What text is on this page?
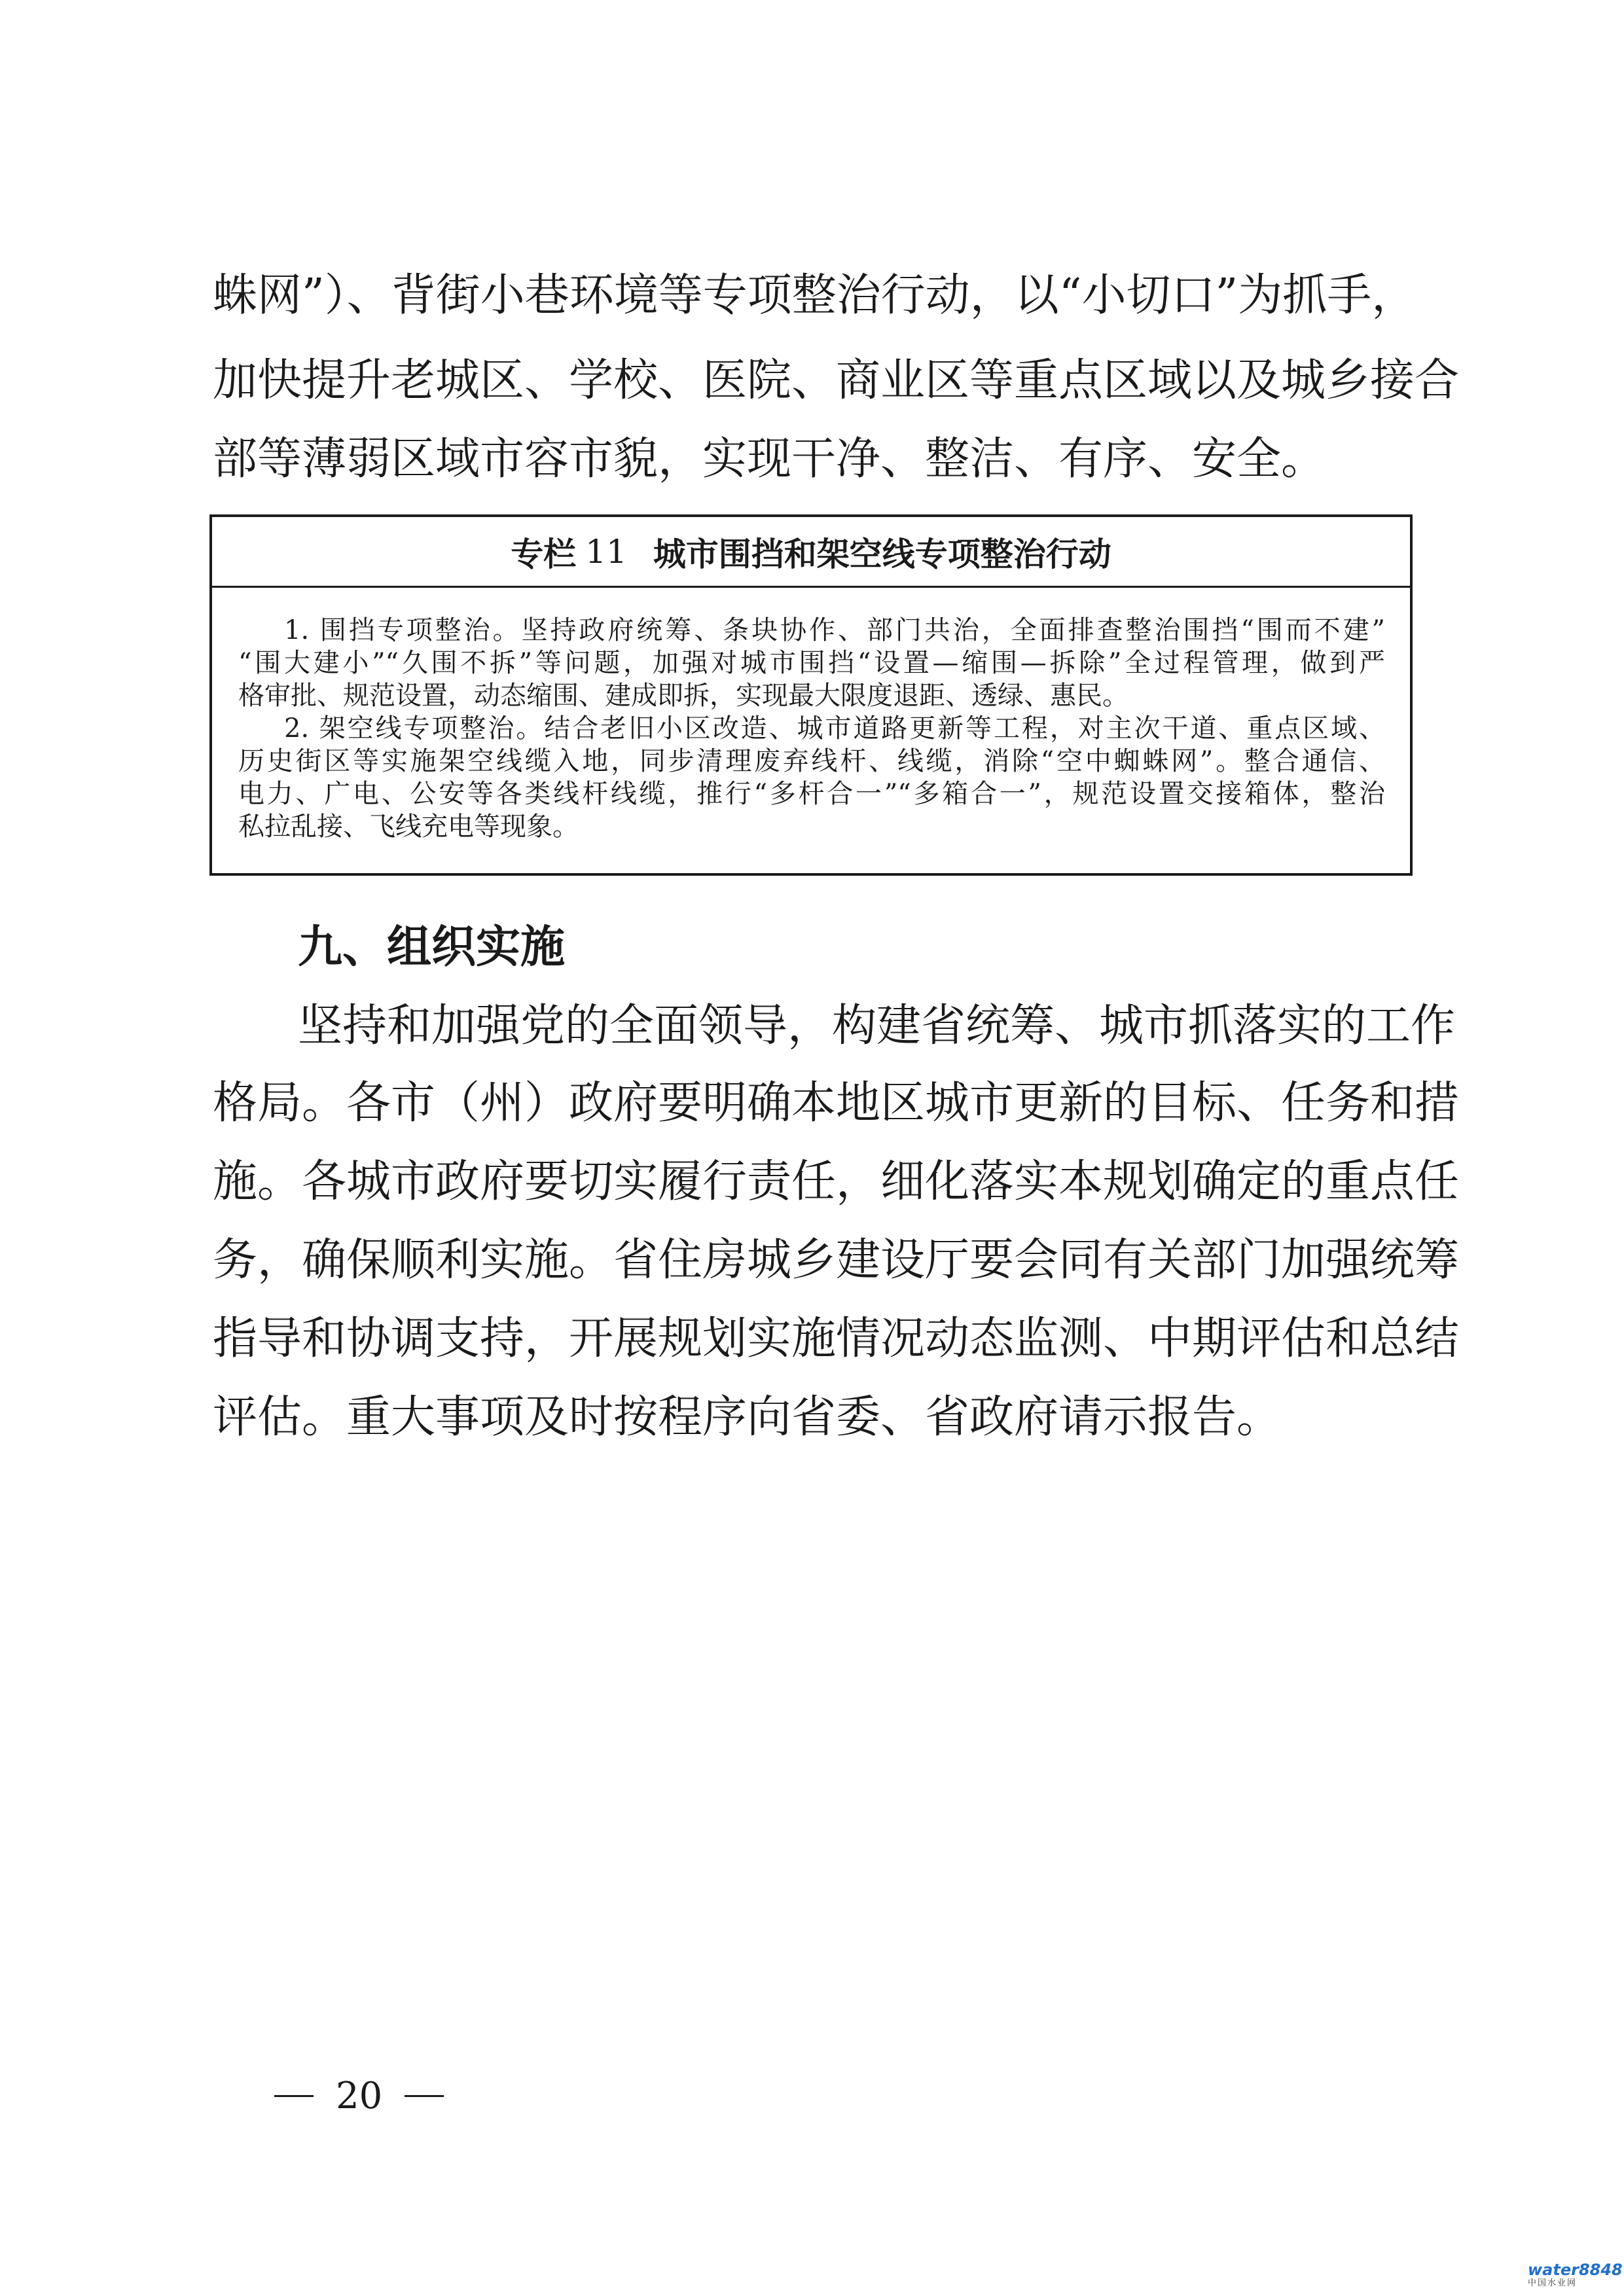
蛛网”）、背街小巷环境等专项整治行动，以“小切口”为抓手，

加快提升老城区、学校、医院、商业区等重点区域以及城乡接合

部等薄弱区域市容市貌，实现干净、整洁、有序、安全。

专栏 11 城市围挡和架空线专项整治行动

1. 围挡专项整治。坚持政府统筹、条块协作、部门共治，全面排查整治围挡“围而不建”

“围大建小”“久围不拆”等问题，加强对城市围挡“设置—缩围—拆除”全过程管理，做到严

格审批、规范设置，动态缩围、建成即拆，实现最大限度退距、透绿、惠民。

2. 架空线专项整治。结合老旧小区改造、城市道路更新等工程，对主次干道、重点区域、

历史街区等实施架空线缆入地，同步清理废弃线杆、线缆，消除“空中蜘蛛网”。整合通信、

电力、广电、公安等各类线杆线缆，推行“多杆合一”“多箱合一”，规范设置交接箱体，整治

私拉乱接、飞线充电等现象。

九、组织实施

坚持和加强党的全面领导，构建省统筹、城市抓落实的工作

格局。各市（州）政府要明确本地区城市更新的目标、任务和措

施。各城市政府要切实履行责任，细化落实本规划确定的重点任

务，确保顺利实施。省住房城乡建设厅要会同有关部门加强统筹

指导和协调支持，开展规划实施情况动态监测、中期评估和总结

评估。重大事项及时按程序向省委、省政府请示报告。

20
water8848
中国水业网
